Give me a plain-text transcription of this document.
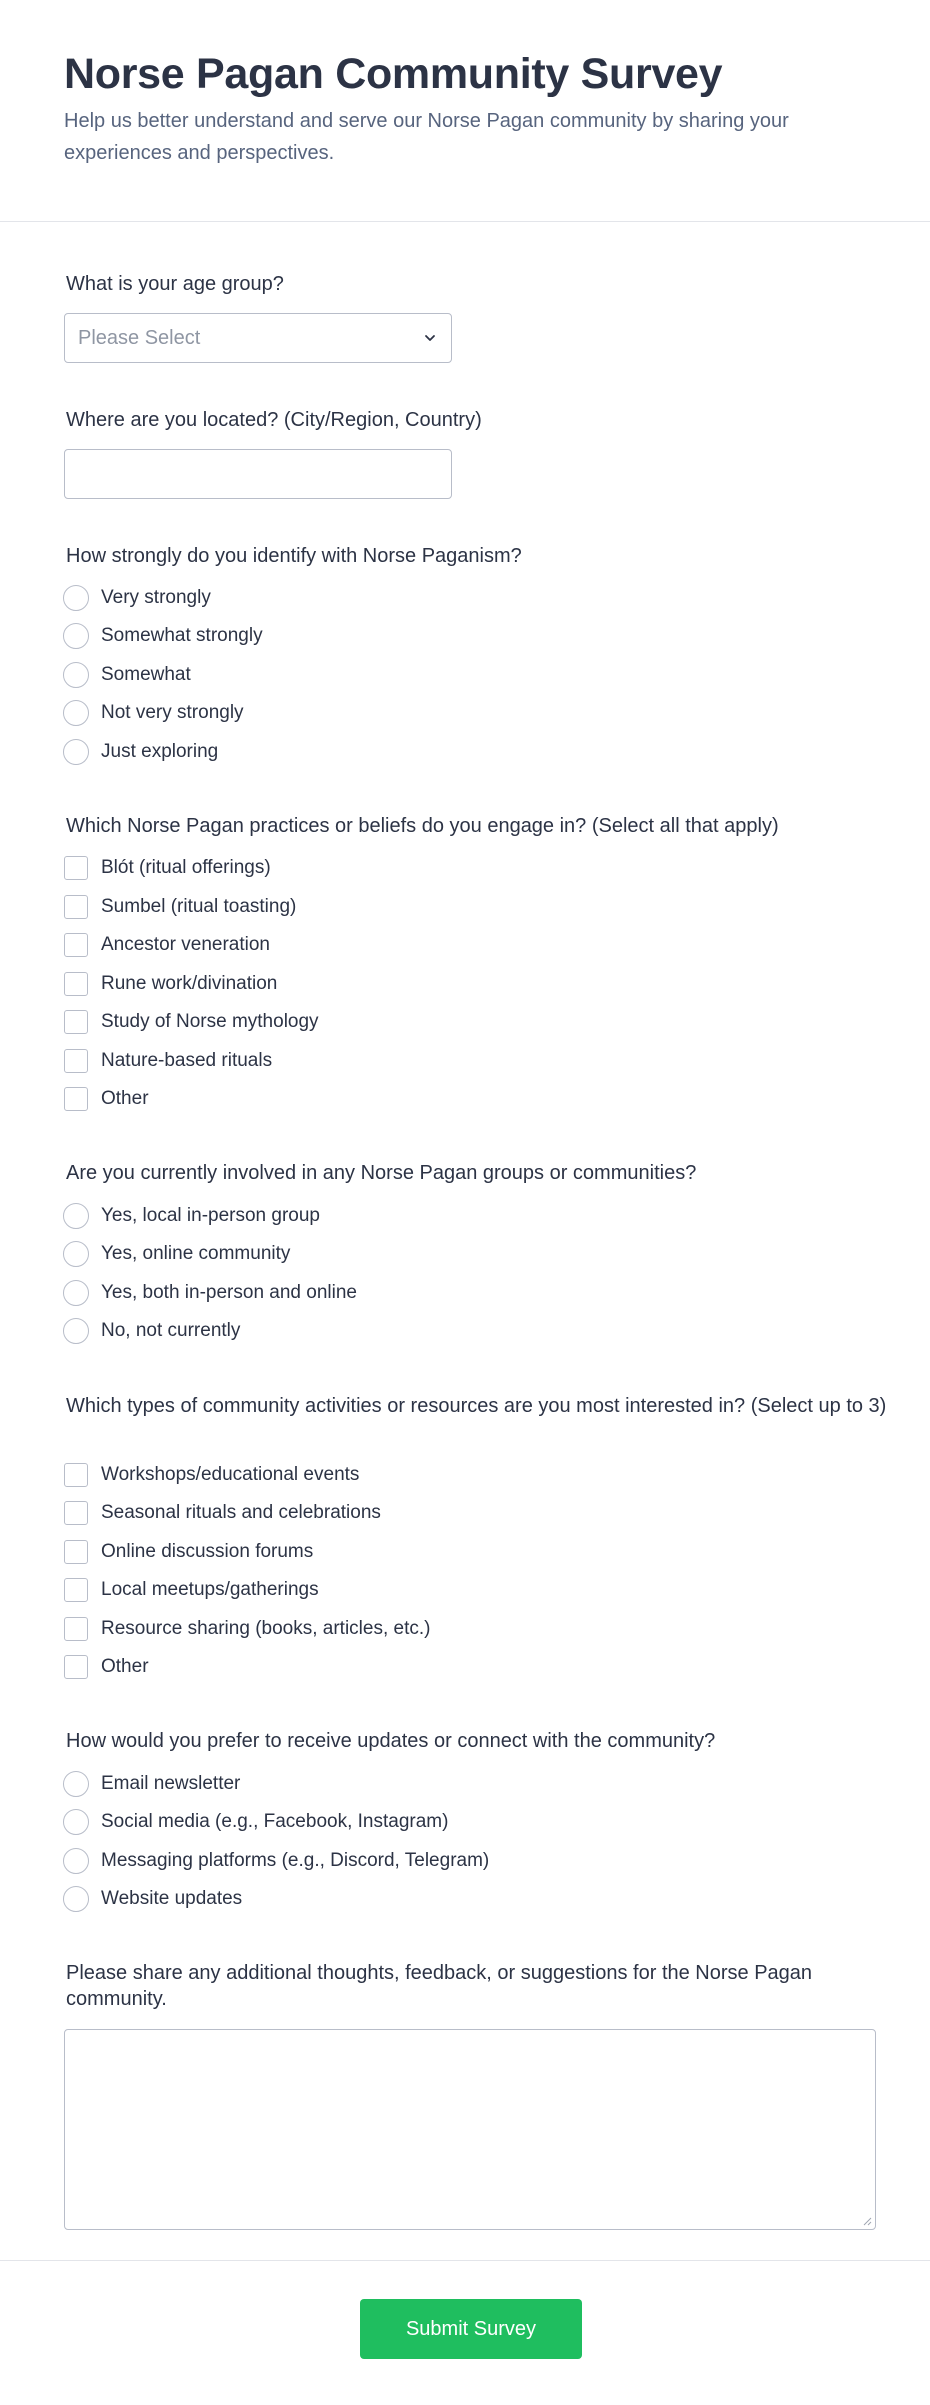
Norse Pagan Community Survey
Help us better understand and serve our Norse Pagan community by sharing your experiences and perspectives.
What is your age group?
Please Select
Where are you located? (City/Region, Country)
How strongly do you identify with Norse Paganism?
Very strongly
Somewhat strongly
Somewhat
Not very strongly
Just exploring
Which Norse Pagan practices or beliefs do you engage in? (Select all that apply)
Blót (ritual offerings)
Sumbel (ritual toasting)
Ancestor veneration
Rune work/divination
Study of Norse mythology
Nature-based rituals
Other
Are you currently involved in any Norse Pagan groups or communities?
Yes, local in-person group
Yes, online community
Yes, both in-person and online
No, not currently
Which types of community activities or resources are you most interested in? (Select up to 3)
Workshops/educational events
Seasonal rituals and celebrations
Online discussion forums
Local meetups/gatherings
Resource sharing (books, articles, etc.)
Other
How would you prefer to receive updates or connect with the community?
Email newsletter
Social media (e.g., Facebook, Instagram)
Messaging platforms (e.g., Discord, Telegram)
Website updates
Please share any additional thoughts, feedback, or suggestions for the Norse Pagan community.
Submit Survey
